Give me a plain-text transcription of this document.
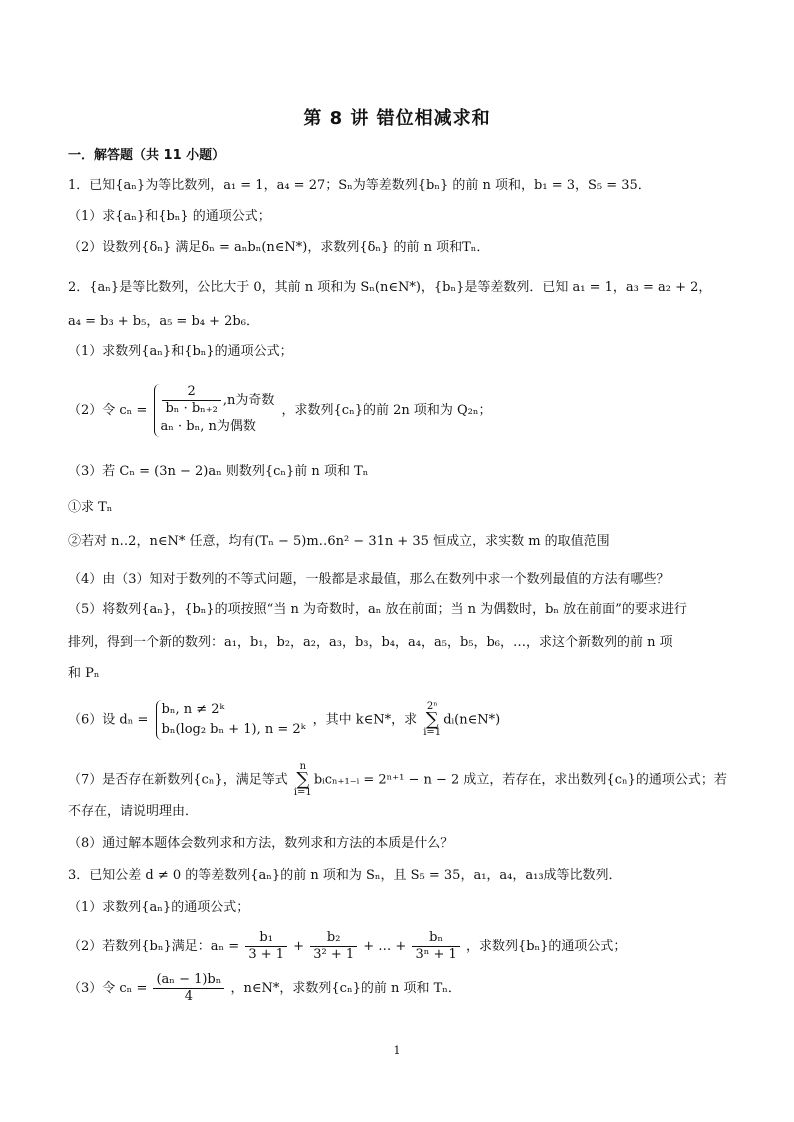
第 8 讲 错位相减求和
一．解答题（共 11 小题）
1．已知{aₙ}为等比数列，a₁ = 1，a₄ = 27；Sₙ为等差数列{bₙ} 的前 n 项和，b₁ = 3，S₅ = 35．
（1）求{aₙ}和{bₙ} 的通项公式；
（2）设数列{δₙ} 满足δₙ = aₙbₙ(n∈N*)，求数列{δₙ} 的前 n 项和Tₙ．
2．{aₙ}是等比数列，公比大于 0，其前 n 项和为 Sₙ(n∈N*)，{bₙ}是等差数列．已知 a₁ = 1，a₃ = a₂ + 2，
a₄ = b₃ + b₅，a₅ = b₄ + 2b₆．
（1）求数列{aₙ}和{bₙ}的通项公式；
（2）令 $c_n = \frac{2}{\text{bₙ · bₙ₊₂}} ,n$为奇数
aₙ · bₙ, n为偶数
，求数列{cₙ}的前 2n 项和为 Q₂ₙ；
（3）若 Cₙ = (3n − 2)aₙ 则数列{cₙ}前 n 项和 Tₙ
①求 Tₙ
②若对 n‥2，n∈N* 任意，均有(Tₙ − 5)m‥6n² − 31n + 35 恒成立，求实数 m 的取值范围
（4）由（3）知对于数列的不等式问题，一般都是求最值，那么在数列中求一个数列最值的方法有哪些？
（5）将数列{aₙ}，{bₙ}的项按照“当 n 为奇数时，aₙ 放在前面；当 n 为偶数时，bₙ 放在前面”的要求进行
排列，得到一个新的数列：a₁，b₁，b₂，a₂，a₃，b₃，b₄，a₄，a₅，b₅，b₆，…，求这个新数列的前 n 项
和 Pₙ
（6）设 dₙ =
bₙ, n ≠ 2ᵏ
bₙ(log₂ bₙ + 1), n = 2ᵏ
，其中 k∈N*，求 2ⁿ
∑
i=1dᵢ(n∈N*)
（7）是否存在新数列{cₙ}，满足等式 n
∑
i=1bᵢcₙ₊₁₋ᵢ = 2ⁿ⁺¹ − n − 2 成立，若存在，求出数列{cₙ}的通项公式；若
不存在，请说明理由．
（8）通过解本题体会数列求和方法，数列求和方法的本质是什么？
3．已知公差 d ≠ 0 的等差数列{aₙ}的前 n 项和为 Sₙ，且 S₅ = 35，a₁，a₄，a₁₃成等比数列．
（1）求数列{aₙ}的通项公式；
（2）若数列{bₙ}满足：$a_n = \frac{\text{b₁}}{3 + 1} + \frac{\text{b₂}}{\text{3² + 1}}$ + … + $\frac{\text{bₙ}}{\text{3ⁿ + 1}}$ ，求数列{bₙ}的通项公式；
（3）令 $c_n = \frac{\text{(aₙ − 1)bₙ}}{4}$ ，n∈N*，求数列{cₙ}的前 n 项和 Tₙ．
1
